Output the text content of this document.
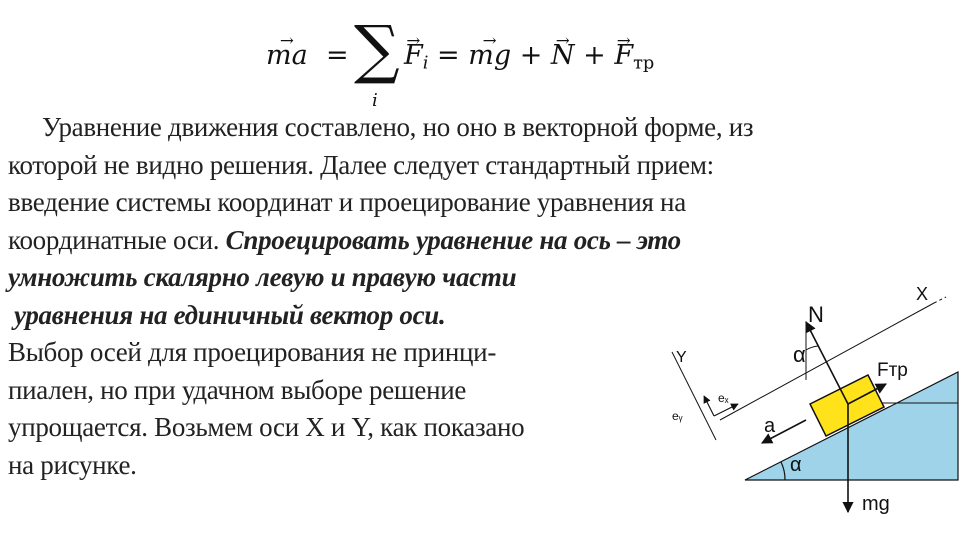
→ ma = ∑
i
→ $F_i$ = → mg + → N + → $F_{тр}$

Уравнение движения составлено, но оно в векторной форме, из
которой не видно решения. Далее следует стандартный прием:
введение системы координат и проецирование уравнения на
координатные оси. Спроецировать уравнение на ось – это
умножить скалярно левую и правую части
уравнения на единичный вектор оси.
Выбор осей для проецирования не принци-
пиален, но при удачном выборе решение
упрощается. Возьмем оси X и Y, как показано
на рисунке.

X
Y
eₓ
eᵧ
N
Fтр
mg
a
α
α
